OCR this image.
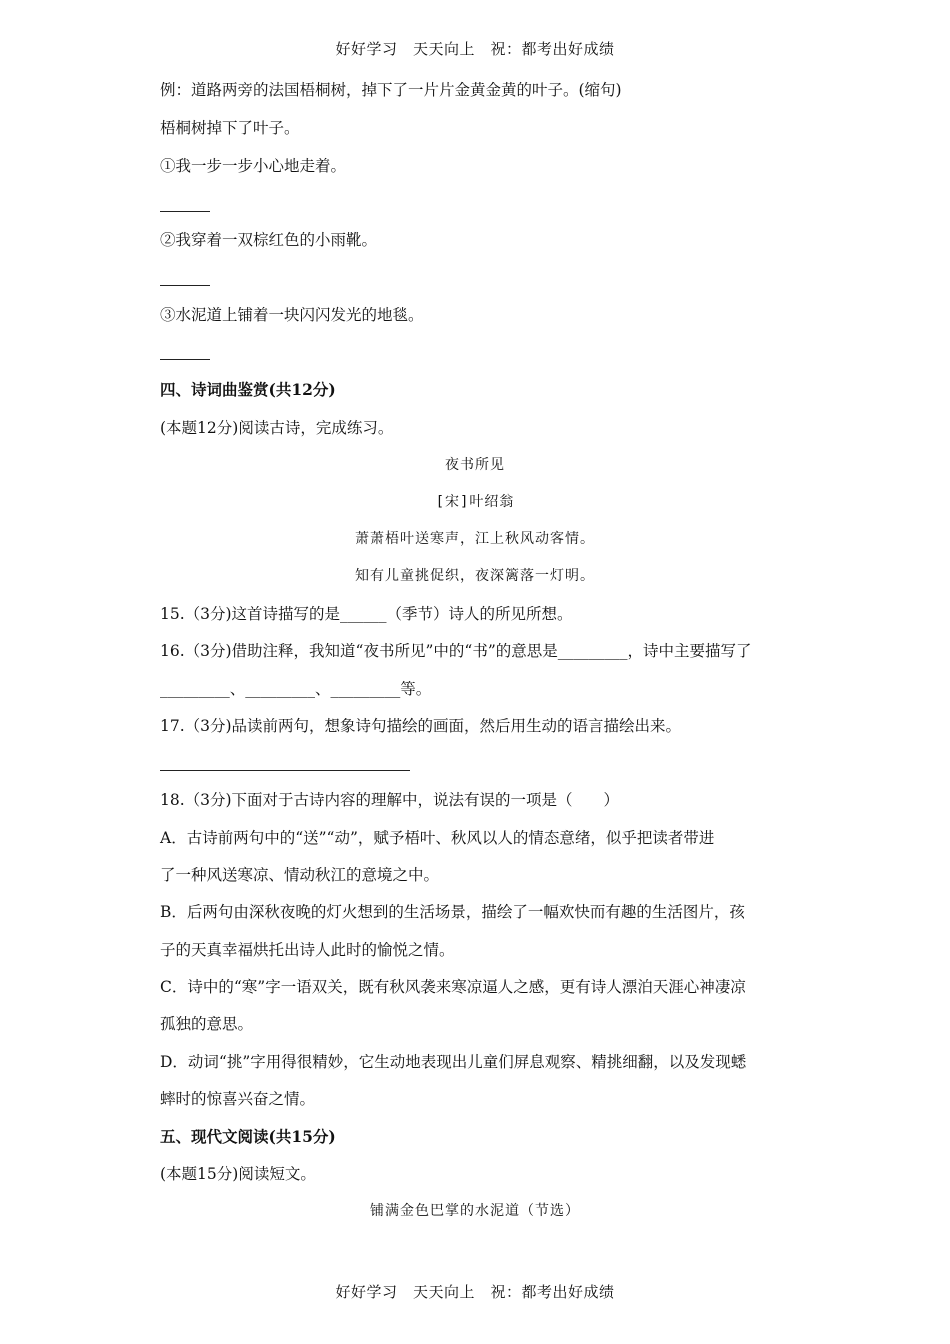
好好学习　天天向上　祝：都考出好成绩
例：道路两旁的法国梧桐树，掉下了一片片金黄金黄的叶子。(缩句)
梧桐树掉下了叶子。
①我一步一步小心地走着。
②我穿着一双棕红色的小雨靴。
③水泥道上铺着一块闪闪发光的地毯。
四、诗词曲鉴赏(共12分)
(本题12分)阅读古诗，完成练习。
夜书所见
[宋]叶绍翁
萧萧梧叶送寒声，江上秋风动客情。
知有儿童挑促织，夜深篱落一灯明。
15.（3分)这首诗描写的是______（季节）诗人的所见所想。
16.（3分)借助注释，我知道“夜书所见”中的“书”的意思是_________，诗中主要描写了
_________、_________、_________等。
17.（3分)品读前两句，想象诗句描绘的画面，然后用生动的语言描绘出来。
18.（3分)下面对于古诗内容的理解中，说法有误的一项是（　　）
A．古诗前两句中的“送”“动”，赋予梧叶、秋风以人的情态意绪，似乎把读者带进
了一种风送寒凉、情动秋江的意境之中。
B．后两句由深秋夜晚的灯火想到的生活场景，描绘了一幅欢快而有趣的生活图片，孩
子的天真幸福烘托出诗人此时的愉悦之情。
C．诗中的“寒”字一语双关，既有秋风袭来寒凉逼人之感，更有诗人漂泊天涯心神凄凉
孤独的意思。
D．动词“挑”字用得很精妙，它生动地表现出儿童们屏息观察、精挑细翻，以及发现蟋
蟀时的惊喜兴奋之情。
五、现代文阅读(共15分)
(本题15分)阅读短文。
铺满金色巴掌的水泥道（节选）
好好学习　天天向上　祝：都考出好成绩
